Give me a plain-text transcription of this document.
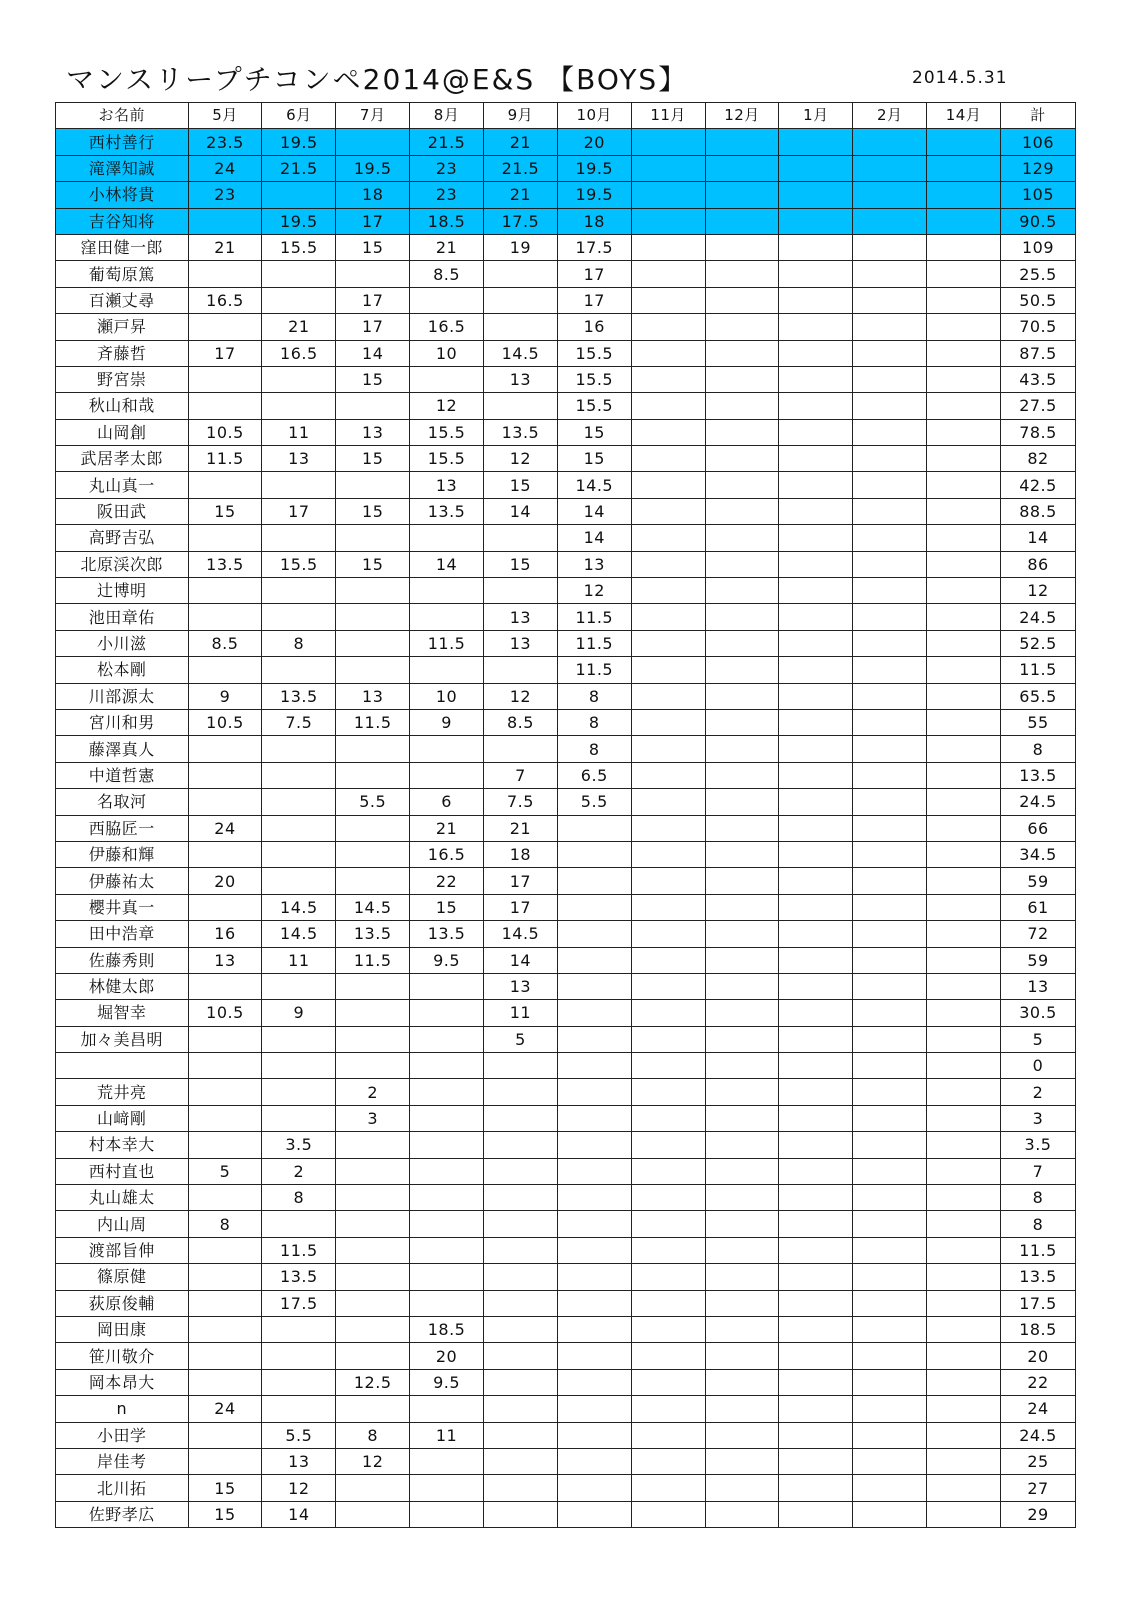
マンスリープチコンペ2014@E&S 【BOYS】	2014.5.31
お名前	5月	6月	7月	8月	9月	10月	11月	12月	1月	2月	14月	計
西村善行	23.5	19.5		21.5	21	20						106
滝澤知誠	24	21.5	19.5	23	21.5	19.5						129
小林将貴	23		18	23	21	19.5						105
吉谷知将		19.5	17	18.5	17.5	18						90.5
窪田健一郎	21	15.5	15	21	19	17.5						109
葡萄原篤				8.5		17						25.5
百瀬丈尋	16.5		17			17						50.5
瀬戸昇		21	17	16.5		16						70.5
斉藤哲	17	16.5	14	10	14.5	15.5						87.5
野宮崇			15		13	15.5						43.5
秋山和哉				12		15.5						27.5
山岡創	10.5	11	13	15.5	13.5	15						78.5
武居孝太郎	11.5	13	15	15.5	12	15						82
丸山真一				13	15	14.5						42.5
阪田武	15	17	15	13.5	14	14						88.5
高野吉弘						14						14
北原渓次郎	13.5	15.5	15	14	15	13						86
辻博明						12						12
池田章佑					13	11.5						24.5
小川滋	8.5	8		11.5	13	11.5						52.5
松本剛						11.5						11.5
川部源太	9	13.5	13	10	12	8						65.5
宮川和男	10.5	7.5	11.5	9	8.5	8						55
藤澤真人						8						8
中道哲憲					7	6.5						13.5
名取河			5.5	6	7.5	5.5						24.5
西脇匠一	24			21	21							66
伊藤和輝				16.5	18							34.5
伊藤祐太	20			22	17							59
櫻井真一		14.5	14.5	15	17							61
田中浩章	16	14.5	13.5	13.5	14.5							72
佐藤秀則	13	11	11.5	9.5	14							59
林健太郎					13							13
堀智幸	10.5	9			11							30.5
加々美昌明					5							5
												0
荒井亮			2									2
山﨑剛			3									3
村本幸大		3.5										3.5
西村直也	5	2										7
丸山雄太		8										8
内山周	8											8
渡部旨伸		11.5										11.5
篠原健		13.5										13.5
荻原俊輔		17.5										17.5
岡田康				18.5								18.5
笹川敬介				20								20
岡本昂大			12.5	9.5								22
n	24											24
小田学		5.5	8	11								24.5
岸佳考		13	12									25
北川拓	15	12										27
佐野孝広	15	14										29
